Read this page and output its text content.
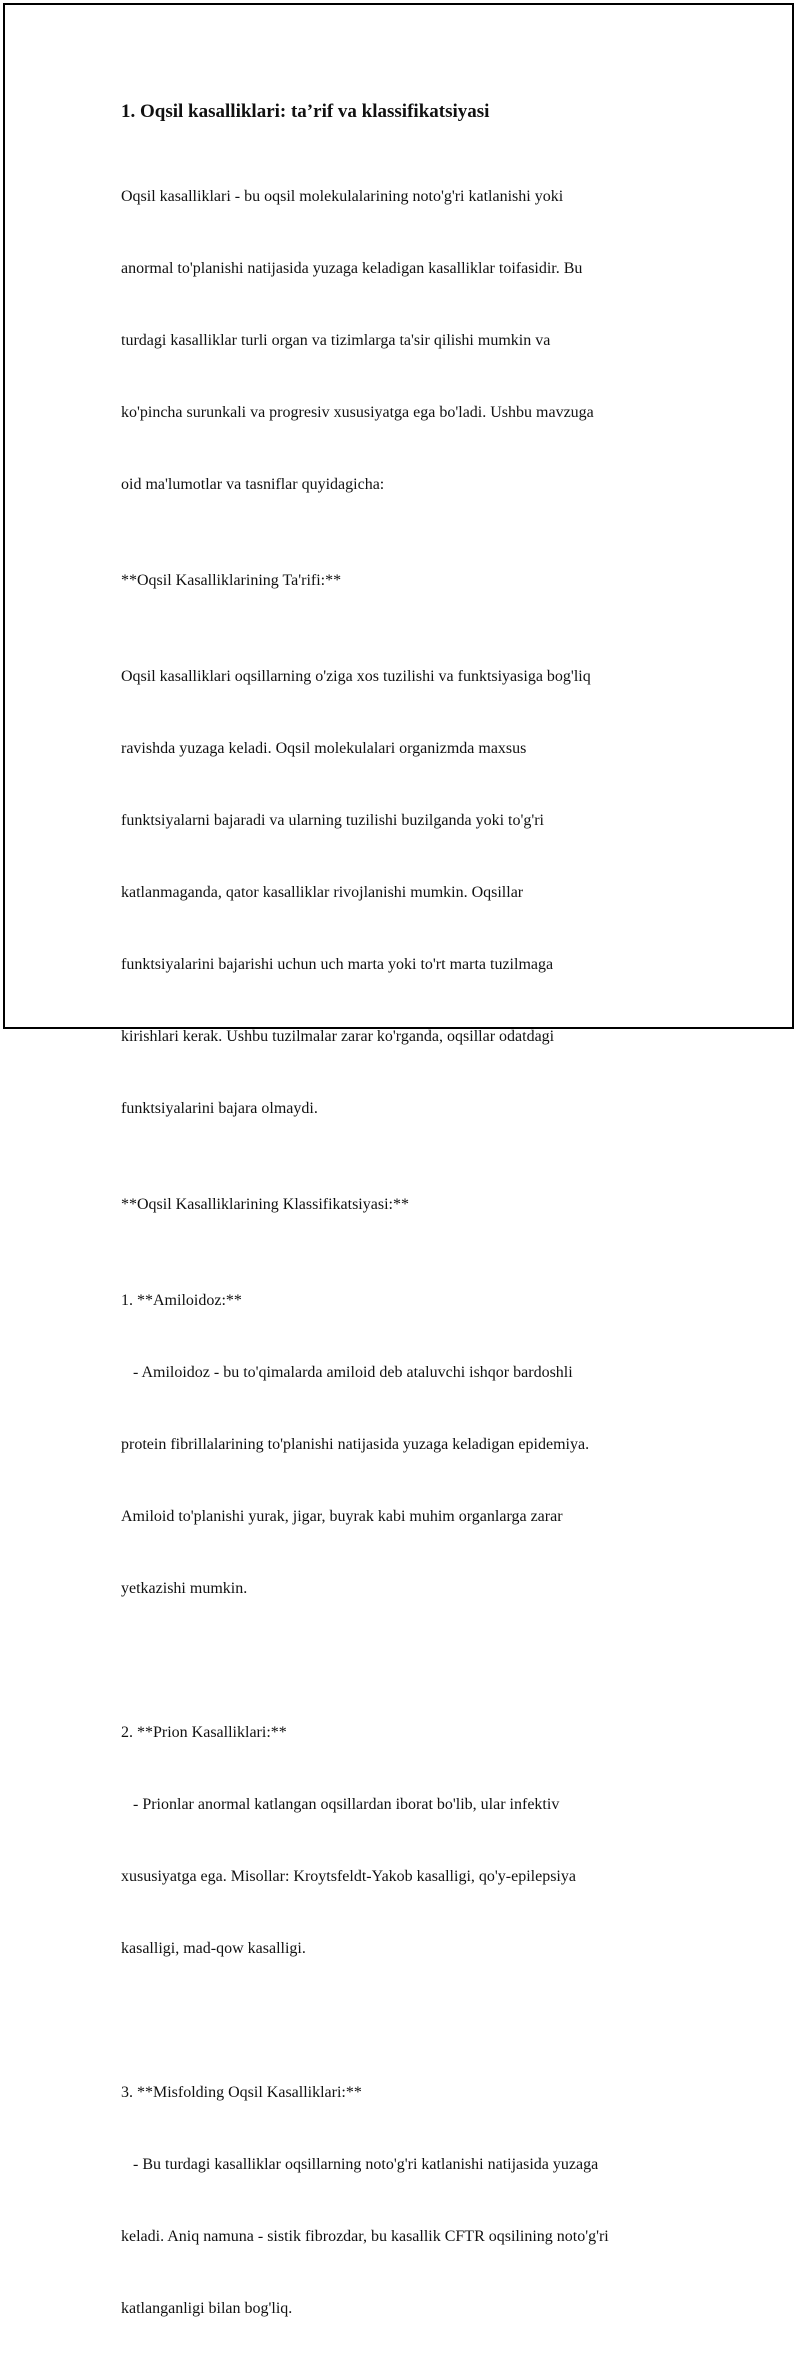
1. Oqsil kasalliklari: ta’rif va klassifikatsiyasi

Oqsil kasalliklari - bu oqsil molekulalarining noto'g'ri katlanishi yoki

anormal to'planishi natijasida yuzaga keladigan kasalliklar toifasidir. Bu

turdagi kasalliklar turli organ va tizimlarga ta'sir qilishi mumkin va

ko'pincha surunkali va progresiv xususiyatga ega bo'ladi. Ushbu mavzuga

oid ma'lumotlar va tasniflar quyidagicha:

**Oqsil Kasalliklarining Ta'rifi:**

Oqsil kasalliklari oqsillarning o'ziga xos tuzilishi va funktsiyasiga bog'liq

ravishda yuzaga keladi. Oqsil molekulalari organizmda maxsus

funktsiyalarni bajaradi va ularning tuzilishi buzilganda yoki to'g'ri

katlanmaganda, qator kasalliklar rivojlanishi mumkin. Oqsillar

funktsiyalarini bajarishi uchun uch marta yoki to'rt marta tuzilmaga

kirishlari kerak. Ushbu tuzilmalar zarar ko'rganda, oqsillar odatdagi

funktsiyalarini bajara olmaydi.

**Oqsil Kasalliklarining Klassifikatsiyasi:**

1. **Amiloidoz:**

- Amiloidoz - bu to'qimalarda amiloid deb ataluvchi ishqor bardoshli

protein fibrillalarining to'planishi natijasida yuzaga keladigan epidemiya.

Amiloid to'planishi yurak, jigar, buyrak kabi muhim organlarga zarar

yetkazishi mumkin.

2. **Prion Kasalliklari:**

- Prionlar anormal katlangan oqsillardan iborat bo'lib, ular infektiv

xususiyatga ega. Misollar: Kroytsfeldt-Yakob kasalligi, qo'y-epilepsiya

kasalligi, mad-qow kasalligi.

3. **Misfolding Oqsil Kasalliklari:**

- Bu turdagi kasalliklar oqsillarning noto'g'ri katlanishi natijasida yuzaga

keladi. Aniq namuna - sistik fibrozdar, bu kasallik CFTR oqsilining noto'g'ri

katlanganligi bilan bog'liq.
